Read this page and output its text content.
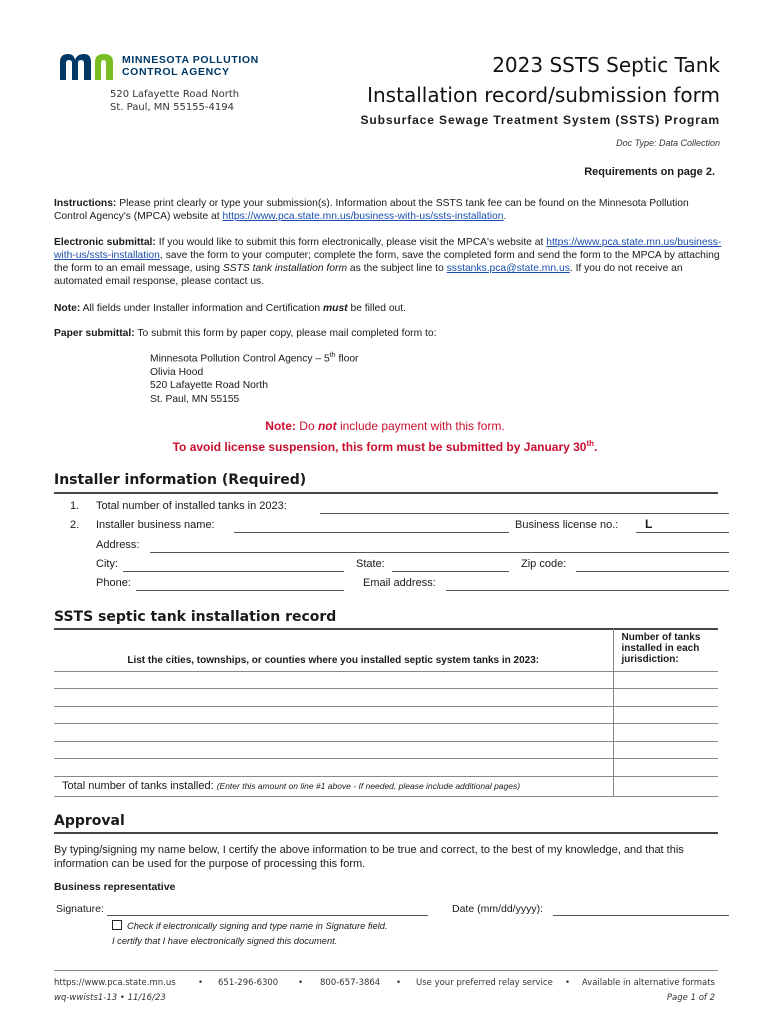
MINNESOTA POLLUTION
CONTROL AGENCY
520 Lafayette Road North
St. Paul, MN 55155-4194
2023 SSTS Septic Tank
Installation record/submission form
Subsurface Sewage Treatment System (SSTS) Program
Doc Type: Data Collection
Requirements on page 2.

Instructions: Please print clearly or type your submission(s). Information about the SSTS tank fee can be found on the Minnesota Pollution Control Agency's (MPCA) website at https://www.pca.state.mn.us/business-with-us/ssts-installation.

Electronic submittal: If you would like to submit this form electronically, please visit the MPCA's website at https://www.pca.state.mn.us/business-with-us/ssts-installation, save the form to your computer; complete the form, save the completed form and send the form to the MPCA by attaching the form to an email message, using SSTS tank installation form as the subject line to ssstanks.pca@state.mn.us. If you do not receive an automated email response, please contact us.

Note: All fields under Installer information and Certification must be filled out.

Paper submittal: To submit this form by paper copy, please mail completed form to:

Minnesota Pollution Control Agency – 5th floor
Olivia Hood
520 Lafayette Road North
St. Paul, MN 55155
Note: Do not include payment with this form.
To avoid license suspension, this form must be submitted by January 30th.
Installer information (Required)
1. Total number of installed tanks in 2023:
2. Installer business name:	Business license no.: L
Address:
City:	State:	Zip code:
Phone:	Email address:
SSTS septic tank installation record
List the cities, townships, or counties where you installed septic system tanks in 2023:	Number of tanks installed in each jurisdiction:

Total number of tanks installed: (Enter this amount on line #1 above - If needed, please include additional pages)	
Approval

By typing/signing my name below, I certify the above information to be true and correct, to the best of my knowledge, and that this information can be used for the purpose of processing this form.

Business representative
Signature:	Date (mm/dd/yyyy):
Check if electronically signing and type name in Signature field.
I certify that I have electronically signed this document.
https://www.pca.state.mn.us	• 651-296-6300 • 800-657-3864 • Use your preferred relay service • Available in alternative formats
wq-wwists1-13 • 11/16/23	Page 1 of 2
